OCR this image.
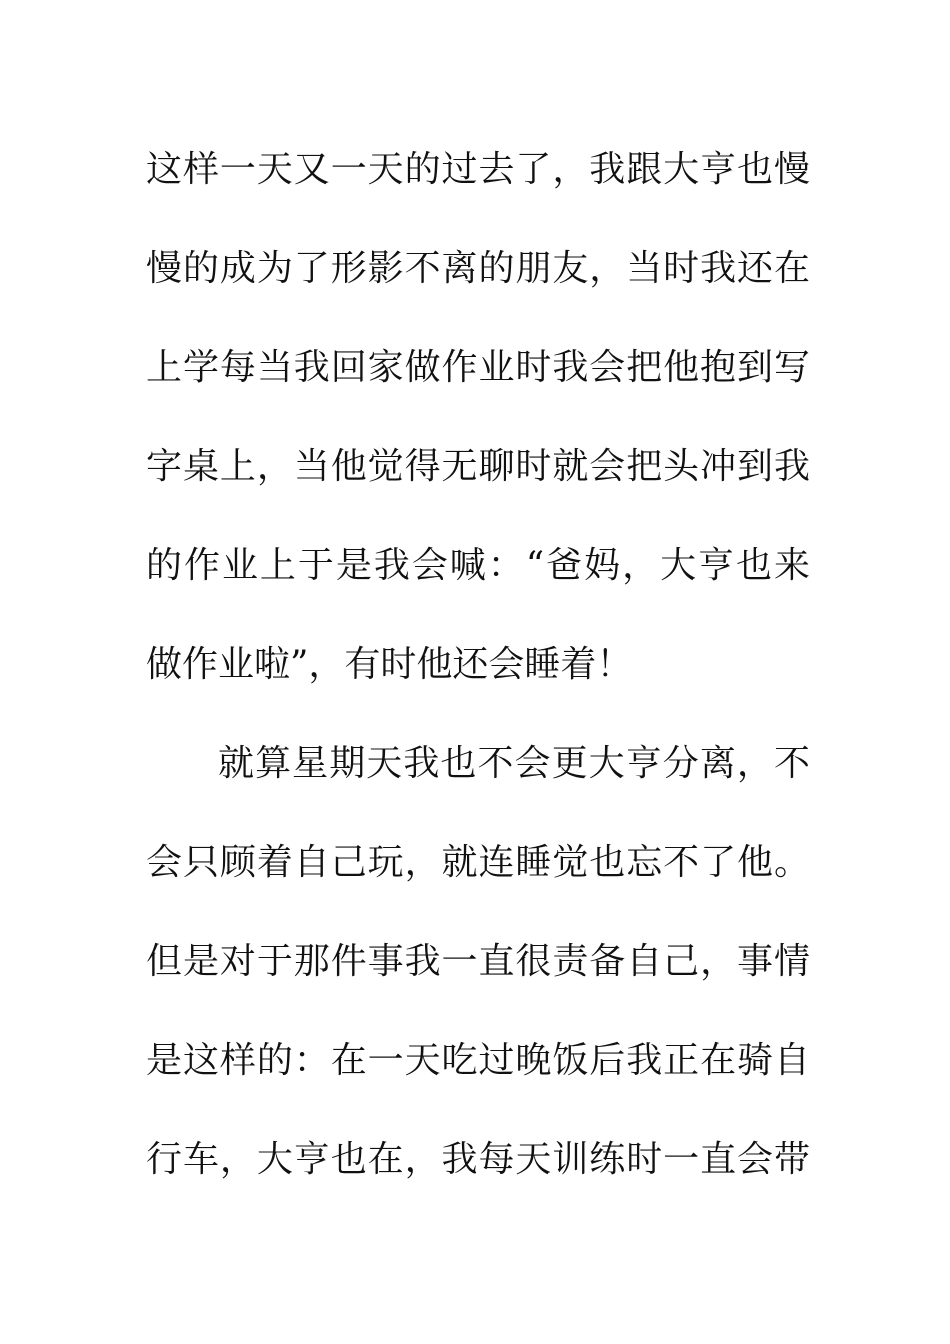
这样一天又一天的过去了，我跟大亨也慢
慢的成为了形影不离的朋友，当时我还在
上学每当我回家做作业时我会把他抱到写
字桌上，当他觉得无聊时就会把头冲到我
的作业上于是我会喊：“爸妈，大亨也来
做作业啦”，有时他还会睡着！
就算星期天我也不会更大亨分离，不
会只顾着自己玩，就连睡觉也忘不了他。
但是对于那件事我一直很责备自己，事情
是这样的：在一天吃过晚饭后我正在骑自
行车，大亨也在，我每天训练时一直会带
